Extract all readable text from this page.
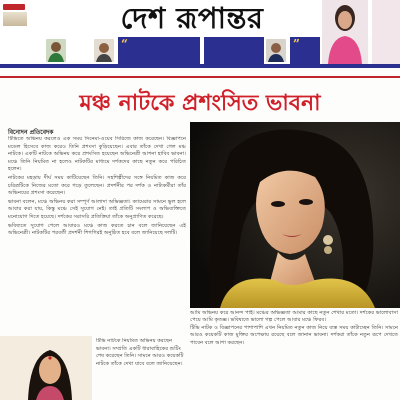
দেশ রূপান্তর
“	”
মঞ্চ নাটকে প্রশংসিত ভাবনা
বিনোদন প্রতিবেদক

টিভিতে অভিনয় করলেও এক সময় সিনেমা-ওয়েব সিরিজে কাজ করেছেন। বিজ্ঞাপনে মডেল হিসেবে কাজ করেও তিনি প্রশংসা কুড়িয়েছেন। এবার তাঁকে দেখা গেল মঞ্চ নাটকে। একটি নাটকে অভিনয় করে প্রশংসিত হয়েছেন অভিনেত্রী আশনা হাবিব ভাবনা। মঞ্চে তিনি নিয়মিত না হলেও নাটকটির মাধ্যমে দর্শকদের কাছে নতুন করে পরিচিত হলেন।

নাটকের মহড়ায় দীর্ঘ সময় কাটিয়েছেন তিনি। সহশিল্পীদের সঙ্গে নিয়মিত কাজ করে চরিত্রটিকে নিজের মতো করে গড়ে তুলেছেন। প্রদর্শনীর পর দর্শক ও নাট্যকর্মীরা তাঁর অভিনয়ের প্রশংসা করেছেন।

ভাবনা বলেন, মঞ্চে অভিনয় করা সম্পূর্ণ আলাদা অভিজ্ঞতা। ক্যামেরার সামনে ভুল হলে আবার করা যায়, কিন্তু মঞ্চে সেই সুযোগ নেই। তাই প্রতিটি সংলাপ ও অভিব্যক্তিতে মনোযোগ দিতে হয়েছে। দর্শকের সরাসরি প্রতিক্রিয়া তাঁকে অনুপ্রাণিত করেছে।

ভবিষ্যতে সুযোগ পেলে আবারও মঞ্চে কাজ করতে চান বলে জানিয়েছেন এই অভিনেত্রী। নাটকটির পরবর্তী প্রদর্শনী শিগগিরই অনুষ্ঠিত হবে বলে জানিয়েছে দলটি।

আমি অভিনয় করে আনন্দ পাই। মঞ্চের অভিজ্ঞতা আমার কাছে নতুন শেখার মতো। দর্শকের ভালোবাসা পেয়ে আমি কৃতজ্ঞ। ভবিষ্যতে ভালো গল্প পেলে আবার মঞ্চে ফিরব।

টিভি নাটক ও বিজ্ঞাপনের পাশাপাশি এখন নিয়মিত নতুন কাজ নিয়ে ব্যস্ত সময় কাটাচ্ছেন তিনি। সামনে আরও কয়েকটি কাজ মুক্তির অপেক্ষায় রয়েছে বলে জানান ভাবনা। দর্শকরা তাঁকে নতুন রূপে দেখতে পাবেন বলে আশা করছেন।

টিভি নাটকে নিয়মিত অভিনয় করছেন ভাবনা। সম্প্রতি একটি ধারাবাহিকের শুটিং শেষ করেছেন তিনি। সামনে আরও কয়েকটি নাটকে তাঁকে দেখা যাবে বলে জানিয়েছেন।
